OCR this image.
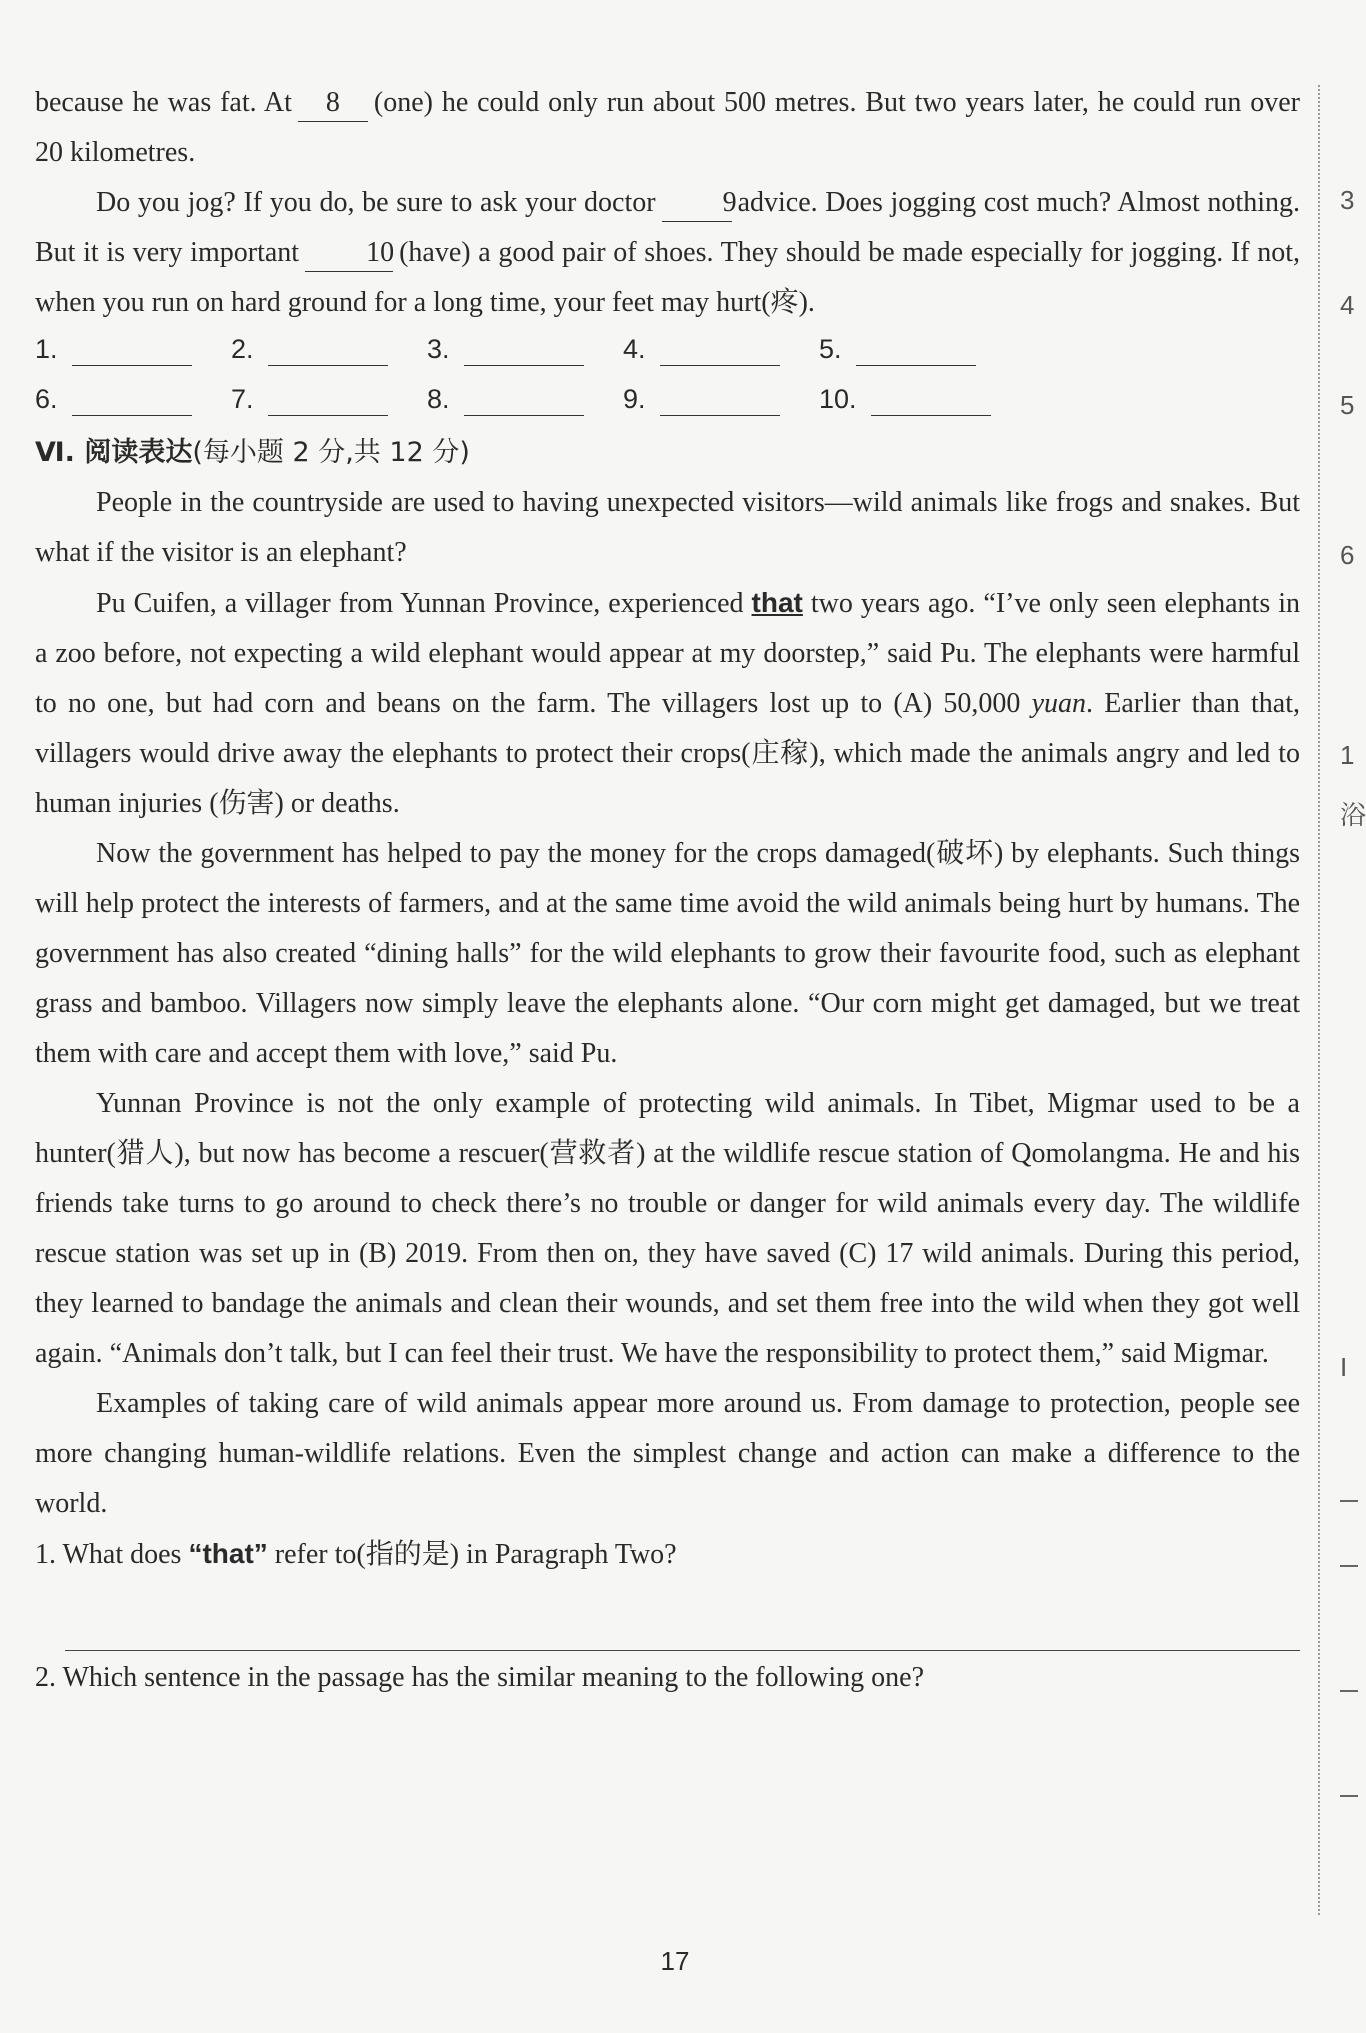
because he was fat. At 8 (one) he could only run about 500 metres. But two years later, he could run over 20 kilometres.

Do you jog? If you do, be sure to ask your doctor 9advice. Does jogging cost much? Almost nothing. But it is very important 10 (have) a good pair of shoes. They should be made especially for jogging. If not, when you run on hard ground for a long time, your feet may hurt(疼).

1.	2.	3.	4.	5.
6.	7.	8.	9.	10.

Ⅵ. 阅读表达(每小题 2 分,共 12 分)

People in the countryside are used to having unexpected visitors—wild animals like frogs and snakes. But what if the visitor is an elephant?

Pu Cuifen, a villager from Yunnan Province, experienced that two years ago. “I’ve only seen elephants in a zoo before, not expecting a wild elephant would appear at my doorstep,” said Pu. The elephants were harmful to no one, but had corn and beans on the farm. The villagers lost up to (A) 50,000 yuan. Earlier than that, villagers would drive away the elephants to protect their crops(庄稼), which made the animals angry and led to human injuries (伤害) or deaths.

Now the government has helped to pay the money for the crops damaged(破坏) by elephants. Such things will help protect the interests of farmers, and at the same time avoid the wild animals being hurt by humans. The government has also created “dining halls” for the wild elephants to grow their favourite food, such as elephant grass and bamboo. Villagers now simply leave the elephants alone. “Our corn might get damaged, but we treat them with care and accept them with love,” said Pu.

Yunnan Province is not the only example of protecting wild animals. In Tibet, Migmar used to be a hunter(猎人), but now has become a rescuer(营救者) at the wildlife rescue station of Qomolangma. He and his friends take turns to go around to check there’s no trouble or danger for wild animals every day. The wildlife rescue station was set up in (B) 2019. From then on, they have saved (C) 17 wild animals. During this period, they learned to bandage the animals and clean their wounds, and set them free into the wild when they got well again. “Animals don’t talk, but I can feel their trust. We have the responsibility to protect them,” said Migmar.

Examples of taking care of wild animals appear more around us. From damage to protection, people see more changing human-wildlife relations. Even the simplest change and action can make a difference to the world.

1. What does “that” refer to(指的是) in Paragraph Two?

2. Which sentence in the passage has the similar meaning to the following one?

3
4
5
6
1
浴
I
17
